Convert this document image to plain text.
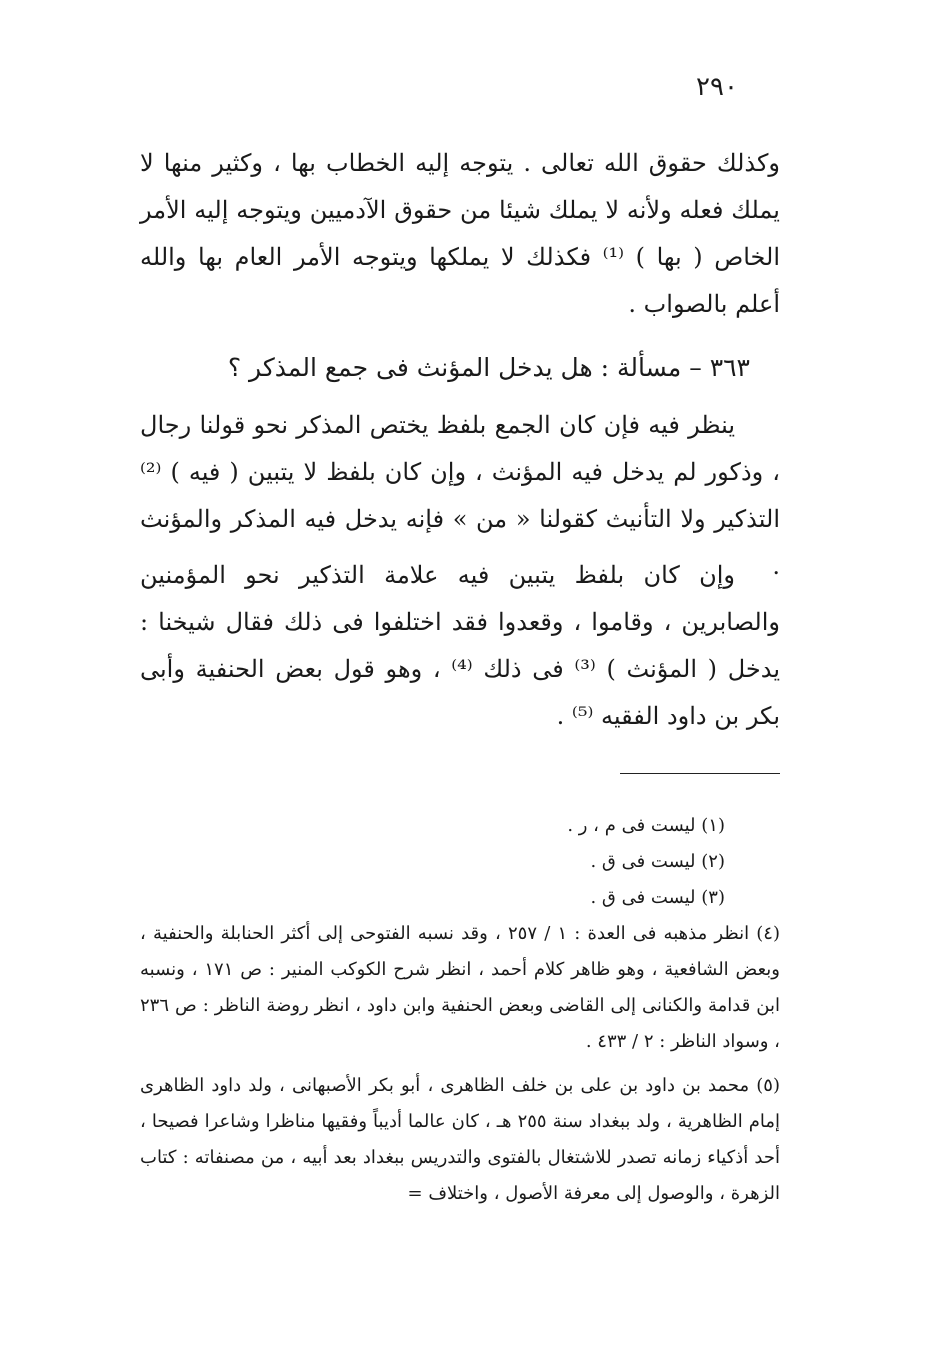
٢٩٠

وكذلك حقوق الله تعالى . يتوجه إليه الخطاب بها ، وكثير منها لا يملك فعله ولأنه لا يملك شيئا من حقوق الآدميين ويتوجه إليه الأمر الخاص ( بها ) ⁽¹⁾ فكذلك لا يملكها ويتوجه الأمر العام بها والله أعلم بالصواب .

٣٦٣ – مسألة : هل يدخل المؤنث فى جمع المذكر ؟

ينظر فيه فإن كان الجمع بلفظ يختص المذكر نحو قولنا رجال ، وذكور لم يدخل فيه المؤنث ، وإن كان بلفظ لا يتبين ( فيه ) ⁽²⁾ التذكير ولا التأنيث كقولنا « من » فإنه يدخل فيه المذكر والمؤنث .

وإن كان بلفظ يتبين فيه علامة التذكير نحو المؤمنين والصابرين ، وقاموا ، وقعدوا فقد اختلفوا فى ذلك فقال شيخنا : يدخل ( المؤنث ) ⁽³⁾ فى ذلك ⁽⁴⁾ ، وهو قول بعض الحنفية وأبى بكر بن داود الفقيه ⁽⁵⁾ .

(١) ليست فى م ، ر .

(٢) ليست فى ق .

(٣) ليست فى ق .

(٤) انظر مذهبه فى العدة : ١ / ٢٥٧ ، وقد نسبه الفتوحى إلى أكثر الحنابلة والحنفية ، وبعض الشافعية ، وهو ظاهر كلام أحمد ، انظر شرح الكوكب المنير : ص ١٧١ ، ونسبه ابن قدامة والكنانى إلى القاضى وبعض الحنفية وابن داود ، انظر روضة الناظر : ص ٢٣٦ ، وسواد الناظر : ٢ / ٤٣٣ .

(٥) محمد بن داود بن على بن خلف الظاهرى ، أبو بكر الأصبهانى ، ولد داود الظاهرى إمام الظاهرية ، ولد ببغداد سنة ٢٥٥ هـ ، كان عالما أديباً وفقيها مناظرا وشاعرا فصيحا ، أحد أذكياء زمانه تصدر للاشتغال بالفتوى والتدريس ببغداد بعد أبيه ، من مصنفاته : كتاب الزهرة ، والوصول إلى معرفة الأصول ، واختلاف =
